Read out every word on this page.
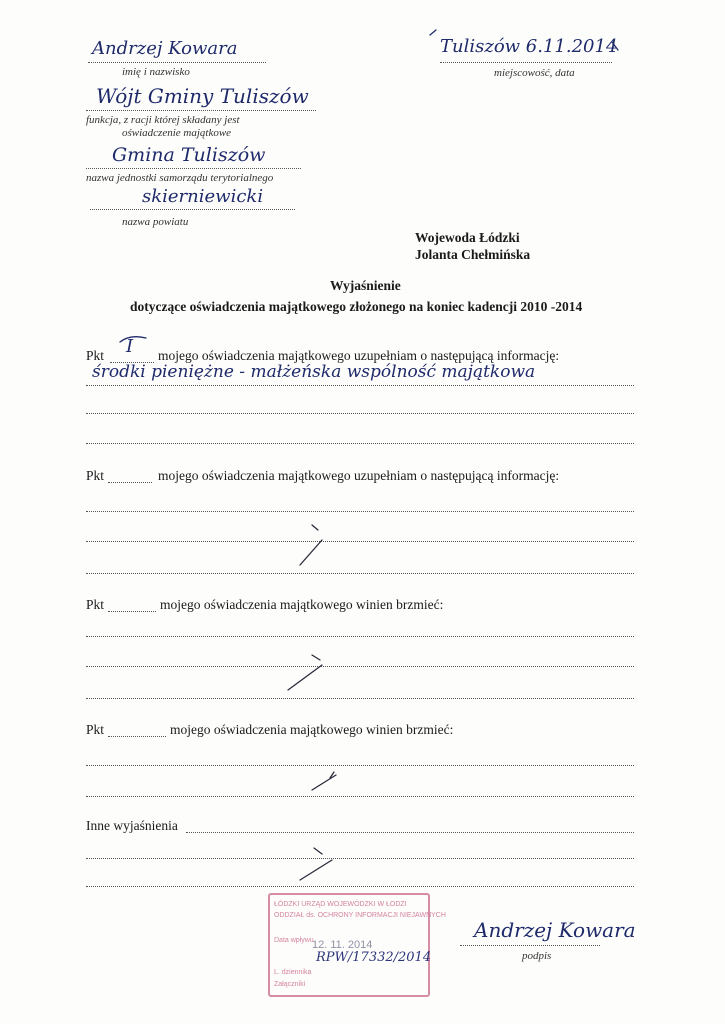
Andrzej Kowara
imię i nazwisko
Wójt Gminy Tuliszów
funkcja, z racji której składany jest
oświadczenie majątkowe
Gmina Tuliszów
nazwa jednostki samorządu terytorialnego
skierniewicki
nazwa powiatu
Tuliszów 6.11.2014
miejscowość, data
Wojewoda Łódzki
Jolanta Chełmińska
Wyjaśnienie
dotyczące oświadczenia majątkowego złożonego na koniec kadencji 2010 -2014
Pkt I mojego oświadczenia majątkowego uzupełniam o następującą informację:
środki pieniężne - małżeńska wspólność majątkowa
Pkt	mojego oświadczenia majątkowego uzupełniam o następującą informację:
Pkt	mojego oświadczenia majątkowego winien brzmieć:
Pkt	mojego oświadczenia majątkowego winien brzmieć:
Inne wyjaśnienia
ŁÓDZKI URZĄD WOJEWÓDZKI W ŁODZI
ODDZIAŁ ds. OCHRONY INFORMACJI NIEJAWNYCH
Data wpływu
12. 11. 2014
L. dziennika
Załączniki
RPW/17332/2014
Andrzej Kowara
podpis
